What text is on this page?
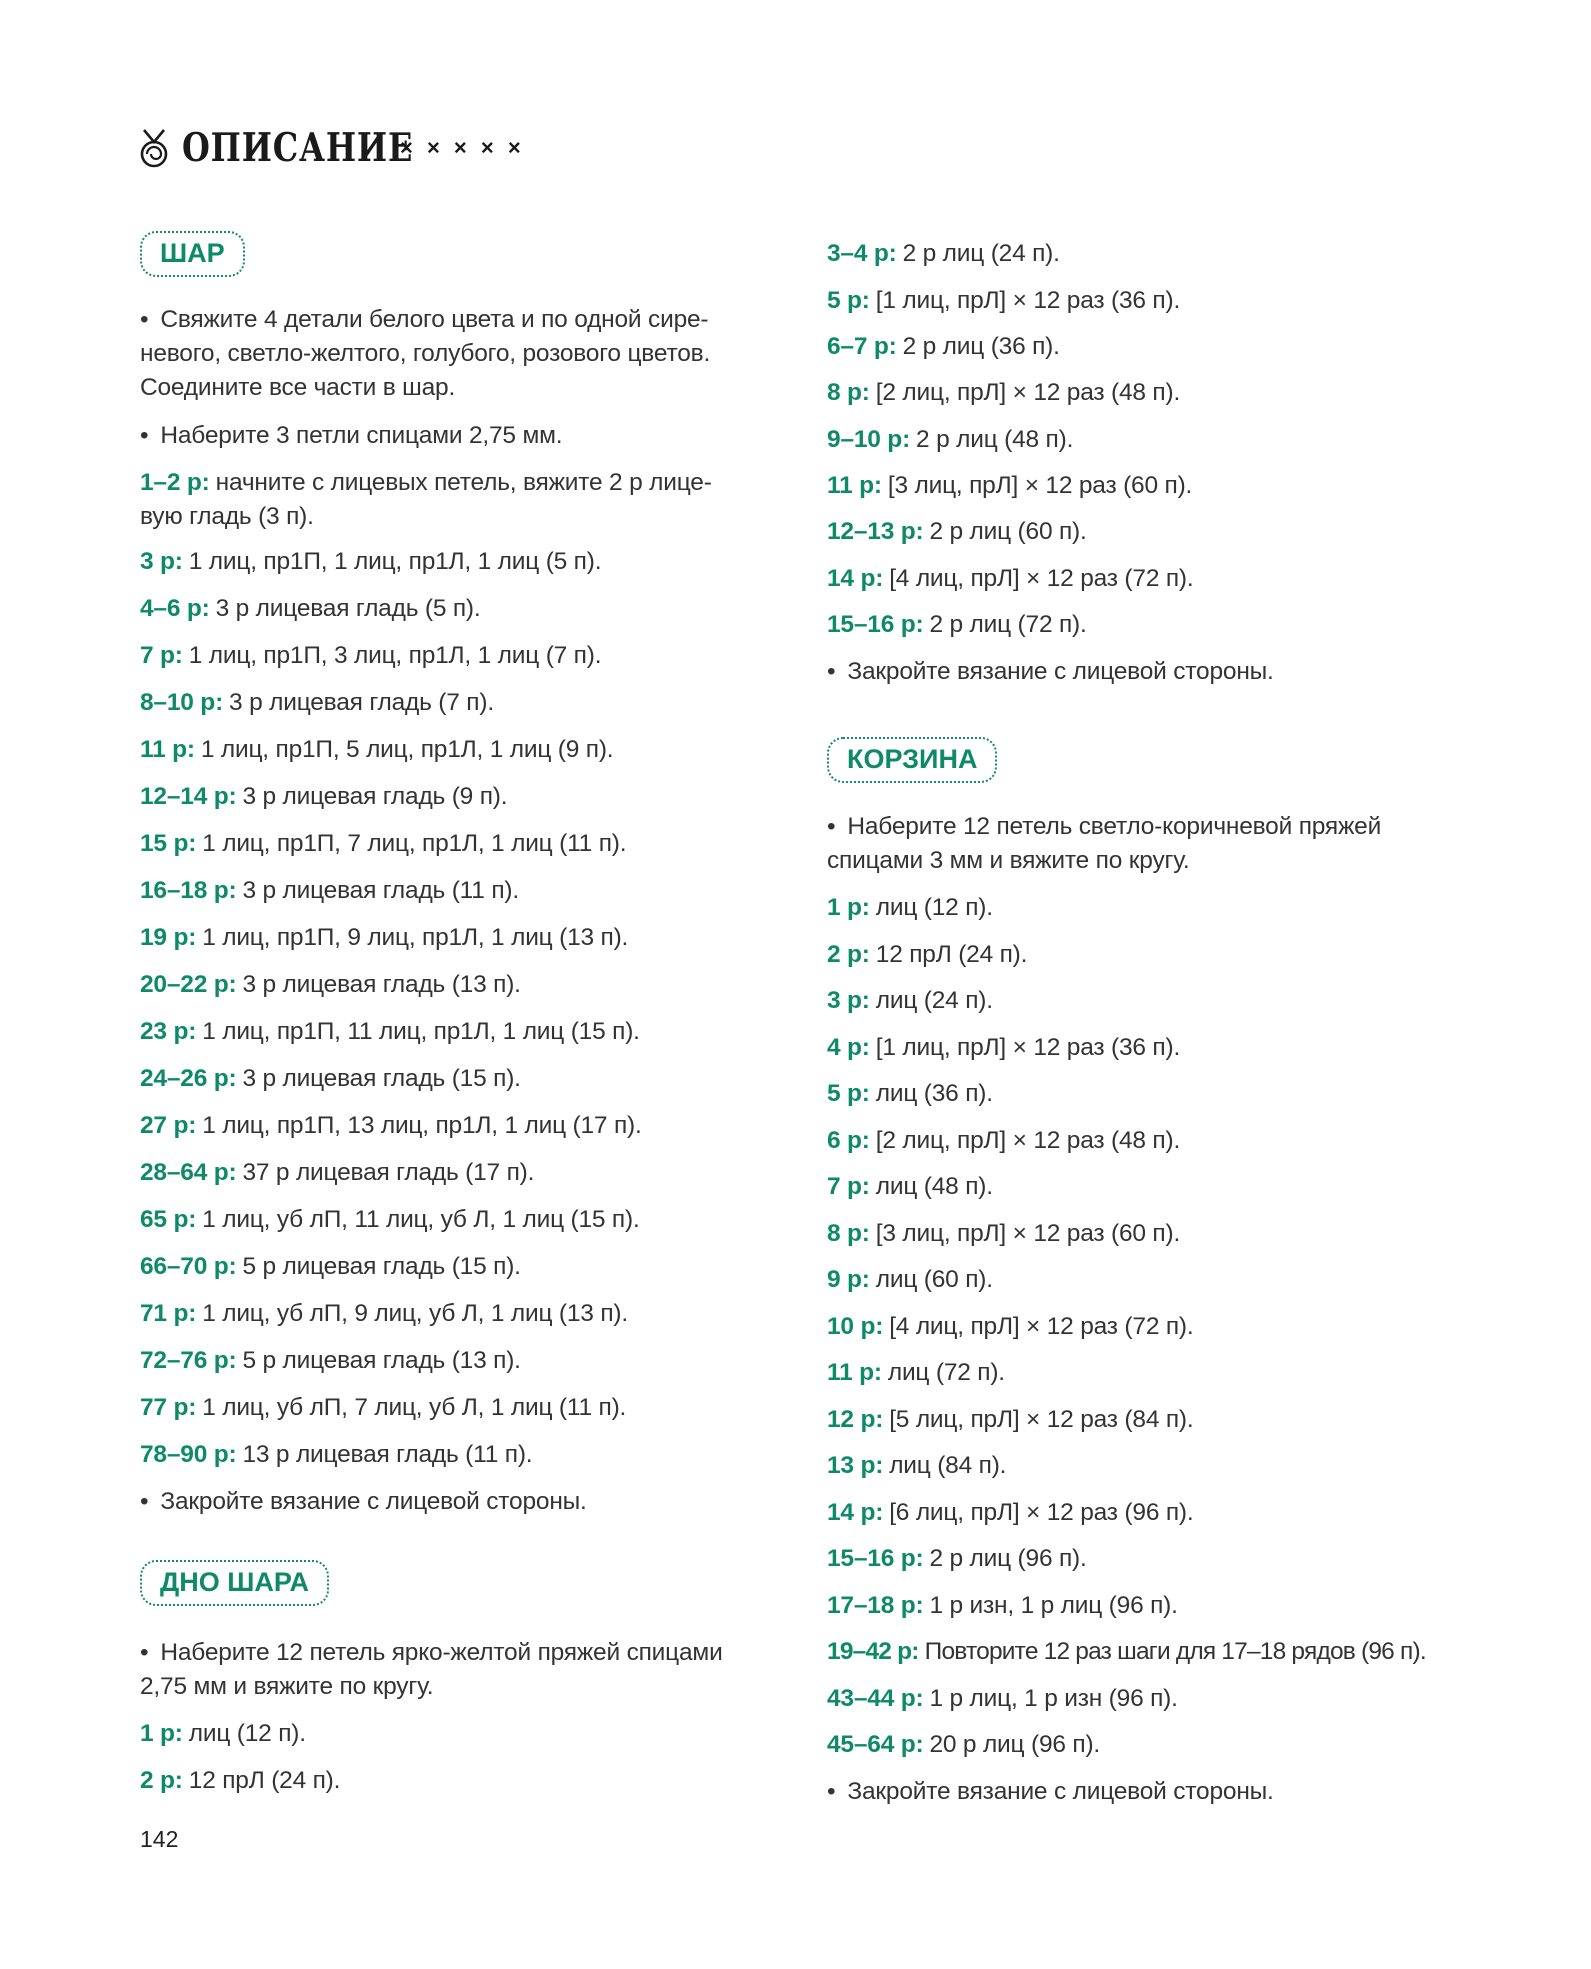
ОПИСАНИЕ
× × × × ×
ШАР
• Свяжите 4 детали белого цвета и по одной сире-
невого, светло-желтого, голубого, розового цветов.
Соедините все части в шар.
• Наберите 3 петли спицами 2,75 мм.
1–2 р: начните с лицевых петель, вяжите 2 р лице-
вую гладь (3 п).
3 р: 1 лиц, пр1П, 1 лиц, пр1Л, 1 лиц (5 п).
4–6 р: 3 р лицевая гладь (5 п).
7 р: 1 лиц, пр1П, 3 лиц, пр1Л, 1 лиц (7 п).
8–10 р: 3 р лицевая гладь (7 п).
11 р: 1 лиц, пр1П, 5 лиц, пр1Л, 1 лиц (9 п).
12–14 р: 3 р лицевая гладь (9 п).
15 р: 1 лиц, пр1П, 7 лиц, пр1Л, 1 лиц (11 п).
16–18 р: 3 р лицевая гладь (11 п).
19 р: 1 лиц, пр1П, 9 лиц, пр1Л, 1 лиц (13 п).
20–22 р: 3 р лицевая гладь (13 п).
23 р: 1 лиц, пр1П, 11 лиц, пр1Л, 1 лиц (15 п).
24–26 р: 3 р лицевая гладь (15 п).
27 р: 1 лиц, пр1П, 13 лиц, пр1Л, 1 лиц (17 п).
28–64 р: 37 р лицевая гладь (17 п).
65 р: 1 лиц, уб лП, 11 лиц, уб Л, 1 лиц (15 п).
66–70 р: 5 р лицевая гладь (15 п).
71 р: 1 лиц, уб лП, 9 лиц, уб Л, 1 лиц (13 п).
72–76 р: 5 р лицевая гладь (13 п).
77 р: 1 лиц, уб лП, 7 лиц, уб Л, 1 лиц (11 п).
78–90 р: 13 р лицевая гладь (11 п).
• Закройте вязание с лицевой стороны.
ДНО ШАРА
• Наберите 12 петель ярко-желтой пряжей спицами
2,75 мм и вяжите по кругу.
1 р: лиц (12 п).
2 р: 12 прЛ (24 п).
3–4 р: 2 р лиц (24 п).
5 р: [1 лиц, прЛ] × 12 раз (36 п).
6–7 р: 2 р лиц (36 п).
8 р: [2 лиц, прЛ] × 12 раз (48 п).
9–10 р: 2 р лиц (48 п).
11 р: [3 лиц, прЛ] × 12 раз (60 п).
12–13 р: 2 р лиц (60 п).
14 р: [4 лиц, прЛ] × 12 раз (72 п).
15–16 р: 2 р лиц (72 п).
• Закройте вязание с лицевой стороны.
КОРЗИНА
• Наберите 12 петель светло-коричневой пряжей
спицами 3 мм и вяжите по кругу.
1 р: лиц (12 п).
2 р: 12 прЛ (24 п).
3 р: лиц (24 п).
4 р: [1 лиц, прЛ] × 12 раз (36 п).
5 р: лиц (36 п).
6 р: [2 лиц, прЛ] × 12 раз (48 п).
7 р: лиц (48 п).
8 р: [3 лиц, прЛ] × 12 раз (60 п).
9 р: лиц (60 п).
10 р: [4 лиц, прЛ] × 12 раз (72 п).
11 р: лиц (72 п).
12 р: [5 лиц, прЛ] × 12 раз (84 п).
13 р: лиц (84 п).
14 р: [6 лиц, прЛ] × 12 раз (96 п).
15–16 р: 2 р лиц (96 п).
17–18 р: 1 р изн, 1 р лиц (96 п).
19–42 р: Повторите 12 раз шаги для 17–18 рядов (96 п).
43–44 р: 1 р лиц, 1 р изн (96 п).
45–64 р: 20 р лиц (96 п).
• Закройте вязание с лицевой стороны.
142
